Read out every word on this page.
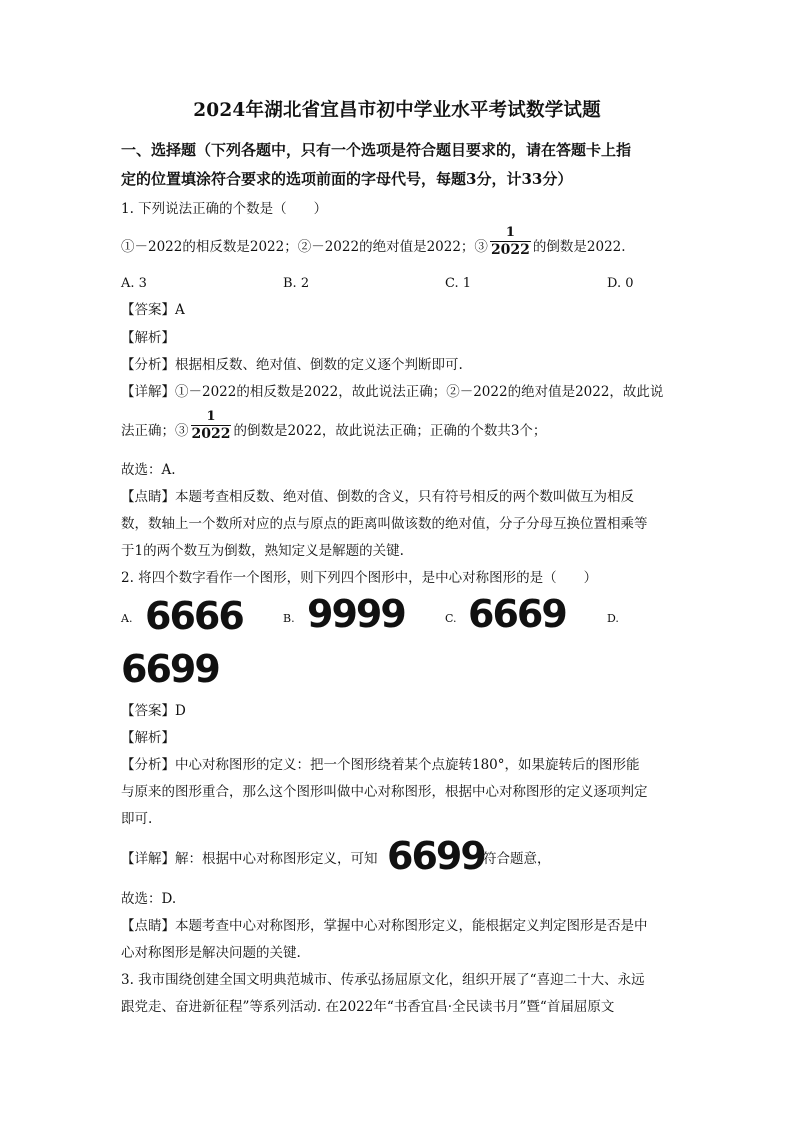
2024年湖北省宜昌市初中学业水平考试数学试题
一、选择题（下列各题中，只有一个选项是符合题目要求的，请在答题卡上指
定的位置填涂符合要求的选项前面的字母代号，每题3分，计33分）
1. 下列说法正确的个数是（　　）
①－2022的相反数是2022；②－2022的绝对值是2022；③ $\frac{1}{2022}$ 的倒数是2022.
A. 3	B. 2	C. 1	D. 0
【答案】A
【解析】
【分析】根据相反数、绝对值、倒数的定义逐个判断即可.
【详解】①－2022的相反数是2022，故此说法正确；②－2022的绝对值是2022，故此说
法正确；③ $\frac{1}{2022}$ 的倒数是2022，故此说法正确；正确的个数共3个；
故选：A.
【点睛】本题考查相反数、绝对值、倒数的含义，只有符号相反的两个数叫做互为相反
数，数轴上一个数所对应的点与原点的距离叫做该数的绝对值，分子分母互换位置相乘等
于1的两个数互为倒数，熟知定义是解题的关键.
2. 将四个数字看作一个图形，则下列四个图形中，是中心对称图形的是（　　）
A. 6666	B. 9999	C. 6669	D.
6699
【答案】D
【解析】
【分析】中心对称图形的定义：把一个图形绕着某个点旋转180°，如果旋转后的图形能
与原来的图形重合，那么这个图形叫做中心对称图形，根据中心对称图形的定义逐项判定
即可.
【详解】解：根据中心对称图形定义，可知 6699
符合题意，
故选：D.
【点睛】本题考查中心对称图形，掌握中心对称图形定义，能根据定义判定图形是否是中
心对称图形是解决问题的关键.
3. 我市围绕创建全国文明典范城市、传承弘扬屈原文化，组织开展了“喜迎二十大、永远
跟党走、奋进新征程”等系列活动. 在2022年“书香宜昌·全民读书月”暨“首届屈原文
